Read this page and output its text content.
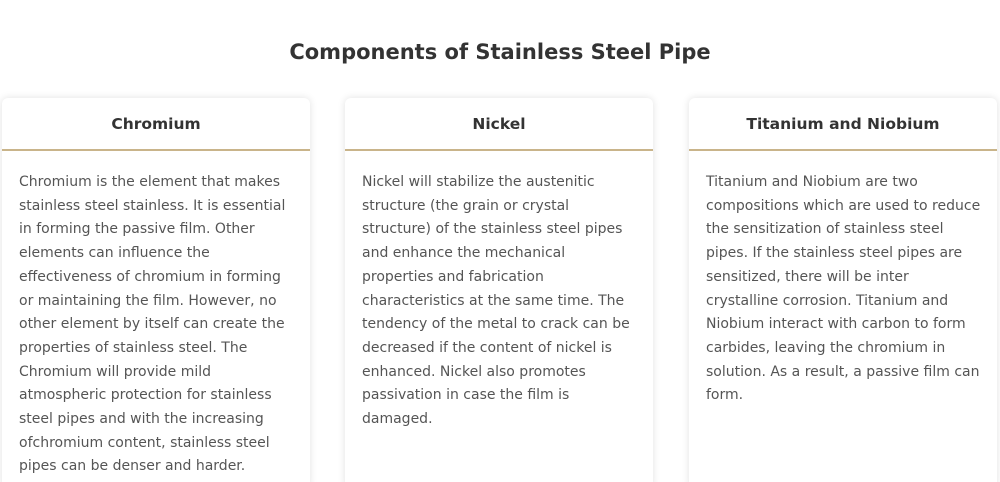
Components of Stainless Steel Pipe
Chromium
Chromium is the element that makes stainless steel stainless. It is essential in forming the passive film. Other elements can influence the effectiveness of chromium in forming or maintaining the film. However, no other element by itself can create the properties of stainless steel. The Chromium will provide mild atmospheric protection for stainless steel pipes and with the increasing ofchromium content, stainless steel pipes can be denser and harder.
Nickel
Nickel will stabilize the austenitic structure (the grain or crystal structure) of the stainless steel pipes and enhance the mechanical properties and fabrication characteristics at the same time. The tendency of the metal to crack can be decreased if the content of nickel is enhanced. Nickel also promotes passivation in case the film is damaged.
Titanium and Niobium
Titanium and Niobium are two compositions which are used to reduce the sensitization of stainless steel pipes. If the stainless steel pipes are sensitized, there will be inter crystalline corrosion. Titanium and Niobium interact with carbon to form carbides, leaving the chromium in solution. As a result, a passive film can form.
